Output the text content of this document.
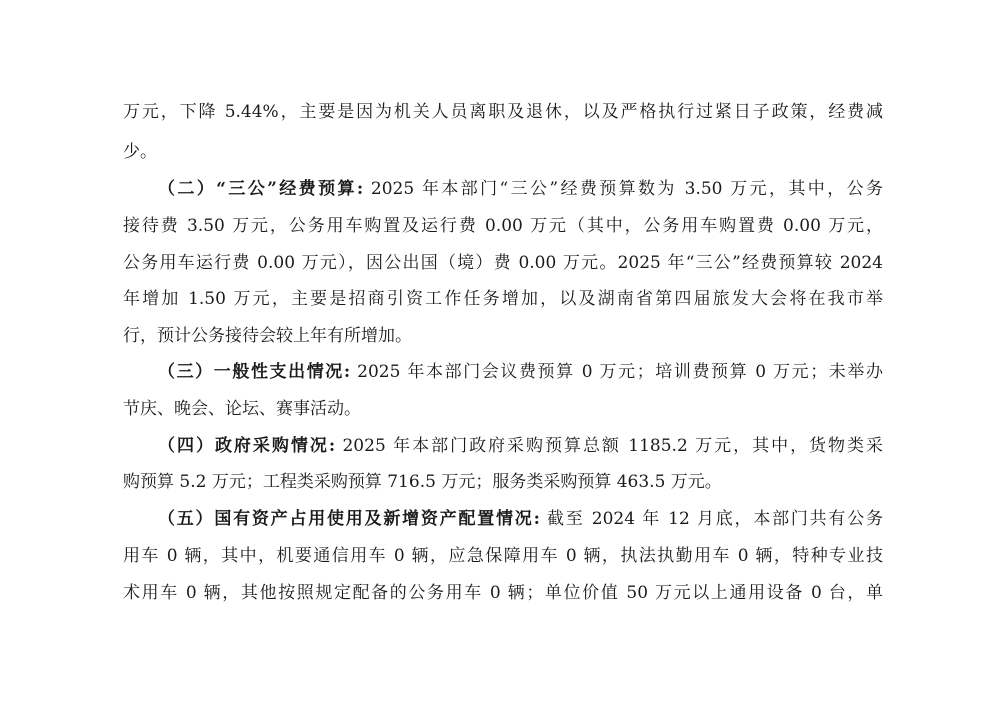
万元，下降 5.44%，主要是因为机关人员离职及退休，以及严格执行过紧日子政策，经费减
少。
（二）“三公”经费预算: 2025 年本部门“三公”经费预算数为 3.50 万元，其中，公务
接待费 3.50 万元，公务用车购置及运行费 0.00 万元（其中，公务用车购置费 0.00 万元，
公务用车运行费 0.00 万元），因公出国（境）费 0.00 万元。2025 年“三公”经费预算较 2024
年增加 1.50 万元，主要是招商引资工作任务增加，以及湖南省第四届旅发大会将在我市举
行，预计公务接待会较上年有所增加。
（三）一般性支出情况: 2025 年本部门会议费预算 0 万元；培训费预算 0 万元；未举办
节庆、晚会、论坛、赛事活动。
（四）政府采购情况: 2025 年本部门政府采购预算总额 1185.2 万元，其中，货物类采
购预算 5.2 万元；工程类采购预算 716.5 万元；服务类采购预算 463.5 万元。
（五）国有资产占用使用及新增资产配置情况: 截至 2024 年 12 月底，本部门共有公务
用车 0 辆，其中，机要通信用车 0 辆，应急保障用车 0 辆，执法执勤用车 0 辆，特种专业技
术用车 0 辆，其他按照规定配备的公务用车 0 辆；单位价值 50 万元以上通用设备 0 台，单
